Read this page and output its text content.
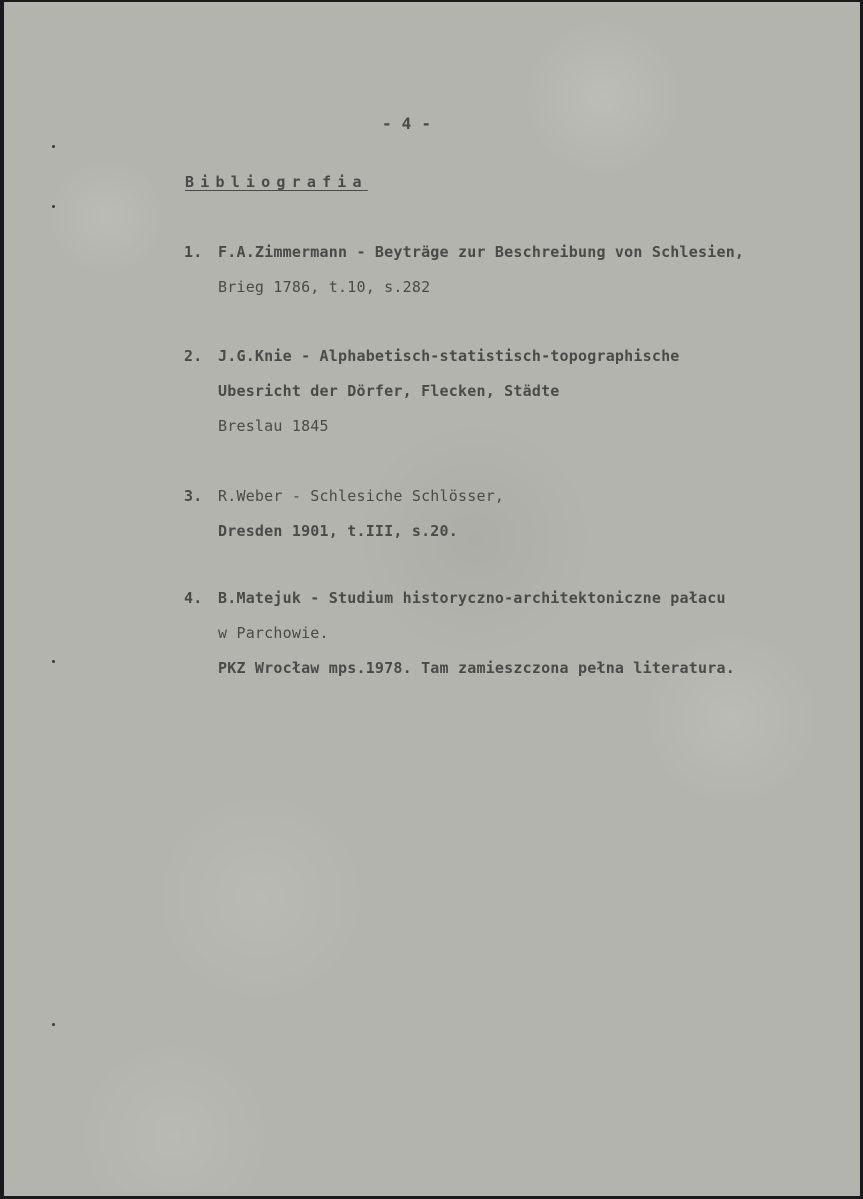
- 4 -
Bibliografia
1. F.A.Zimmermann - Beyträge zur Beschreibung von Schlesien,
Brieg 1786, t.10, s.282
2. J.G.Knie - Alphabetisch-statistisch-topographische
Ubesricht der Dörfer, Flecken, Städte
Breslau 1845
3. R.Weber - Schlesiche Schlösser,
Dresden 1901, t.III, s.20.
4. B.Matejuk - Studium historyczno-architektoniczne pałacu
w Parchowie.
PKZ Wrocław mps.1978. Tam zamieszczona pełna literatura.
